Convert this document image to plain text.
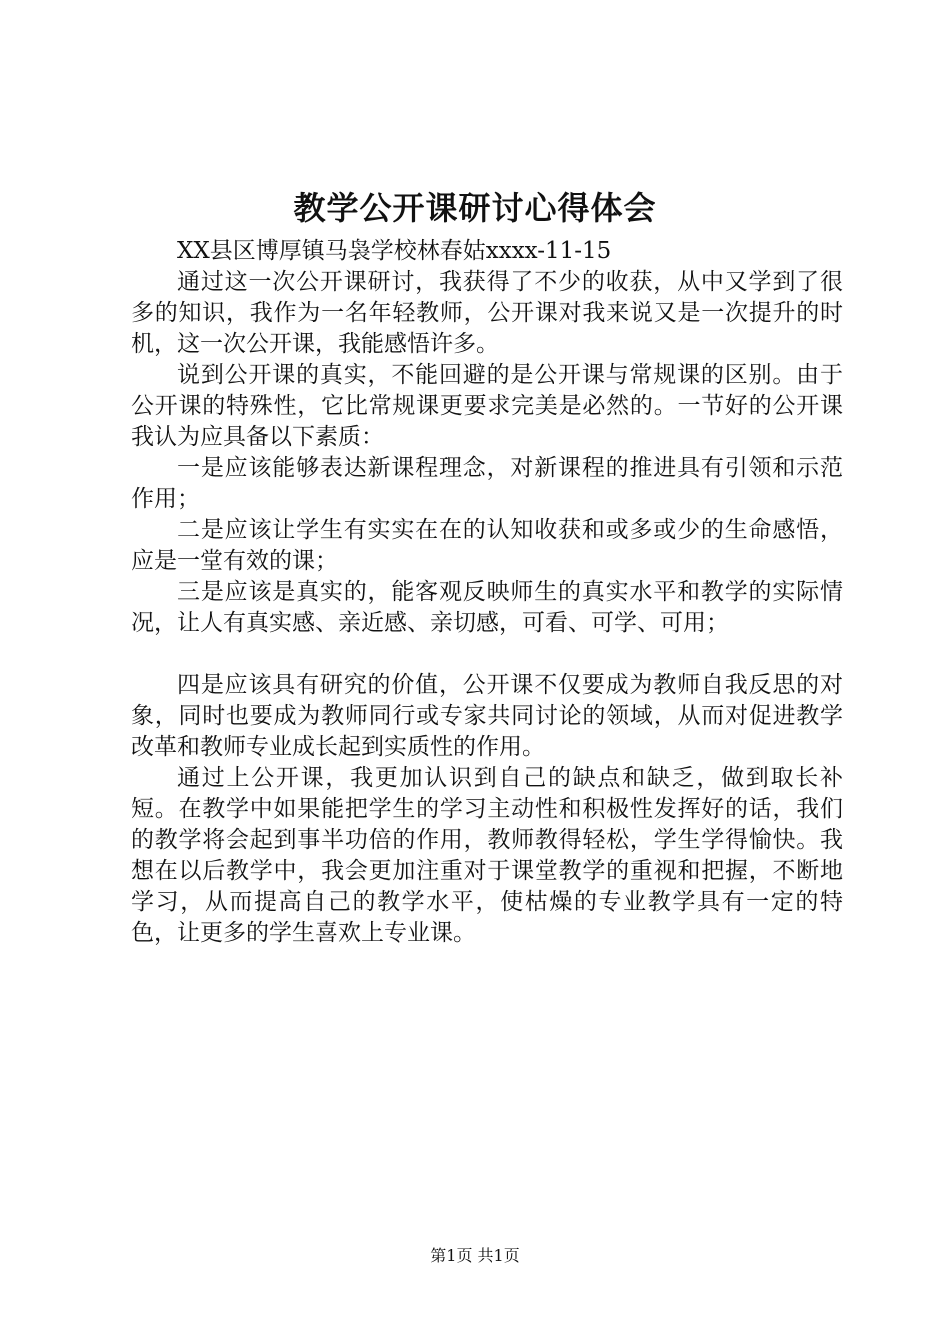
教学公开课研讨心得体会

XX县区博厚镇马袅学校林春姑xxxx-11-15

通过这一次公开课研讨，我获得了不少的收获，从中又学到了很多的知识，我作为一名年轻教师，公开课对我来说又是一次提升的时机，这一次公开课，我能感悟许多。

说到公开课的真实，不能回避的是公开课与常规课的区别。由于公开课的特殊性，它比常规课更要求完美是必然的。一节好的公开课我认为应具备以下素质：

一是应该能够表达新课程理念，对新课程的推进具有引领和示范作用；

二是应该让学生有实实在在的认知收获和或多或少的生命感悟，应是一堂有效的课；

三是应该是真实的，能客观反映师生的真实水平和教学的实际情况，让人有真实感、亲近感、亲切感，可看、可学、可用；

四是应该具有研究的价值，公开课不仅要成为教师自我反思的对象，同时也要成为教师同行或专家共同讨论的领域，从而对促进教学改革和教师专业成长起到实质性的作用。

通过上公开课，我更加认识到自己的缺点和缺乏，做到取长补短。在教学中如果能把学生的学习主动性和积极性发挥好的话，我们的教学将会起到事半功倍的作用，教师教得轻松，学生学得愉快。我想在以后教学中，我会更加注重对于课堂教学的重视和把握，不断地学习，从而提高自己的教学水平，使枯燥的专业教学具有一定的特色，让更多的学生喜欢上专业课。

第1页 共1页
